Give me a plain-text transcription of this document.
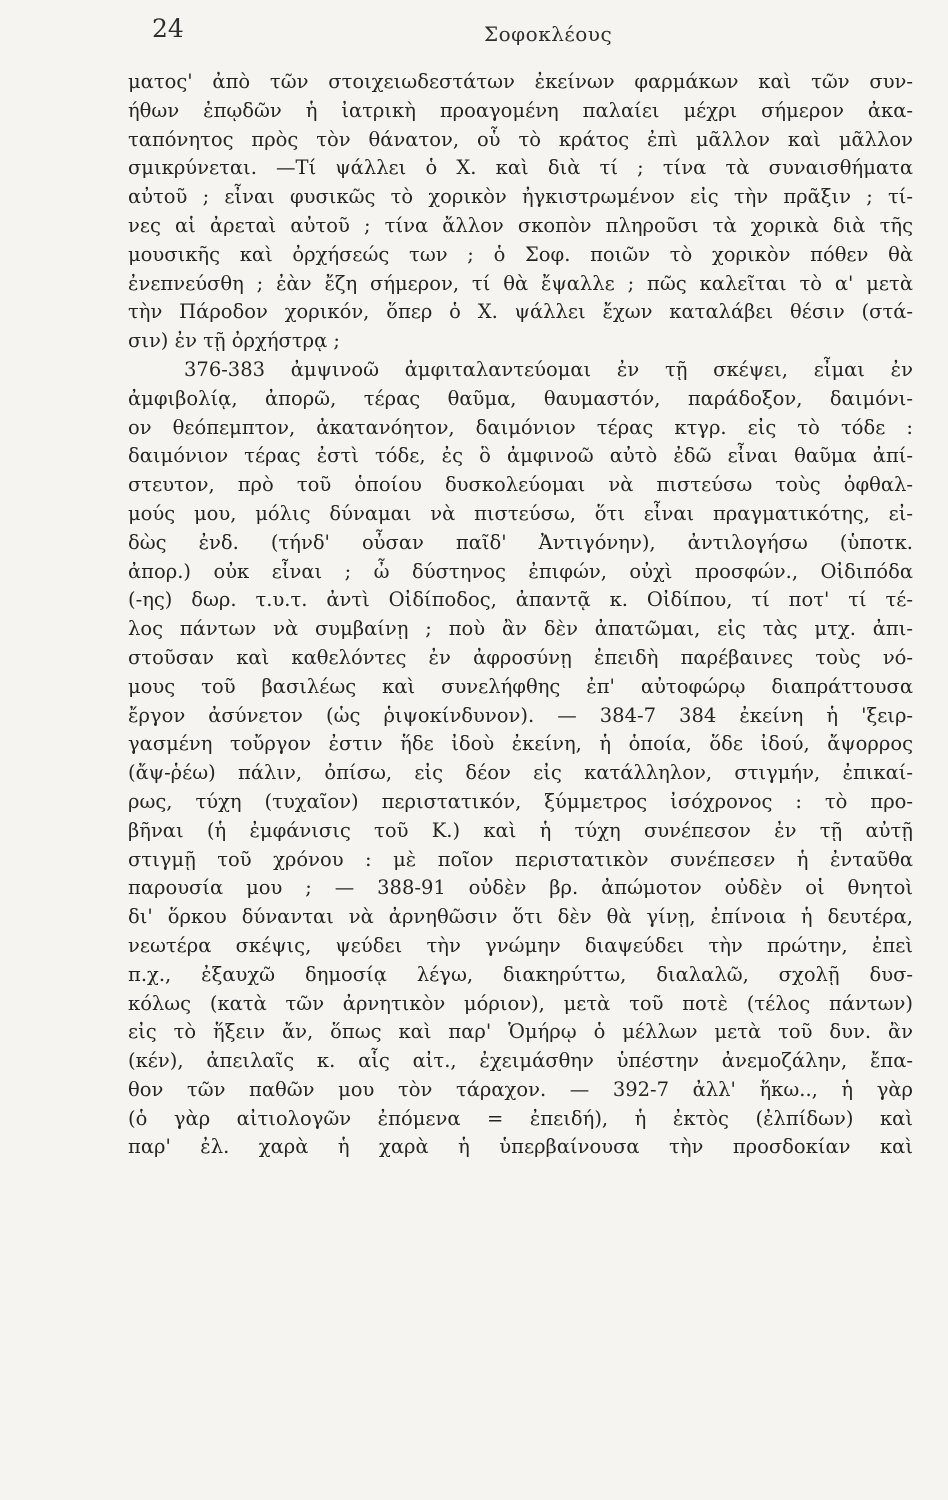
24	Σοφοκλέους
ματος' ἀπὸ τῶν στοιχειωδεστάτων ἐκείνων φαρμάκων καὶ τῶν συν-
ήθων ἐπῳδῶν ἡ ἰατρικὴ προαγομένη παλαίει μέχρι σήμερον ἀκα-
ταπόνητος πρὸς τὸν θάνατον, οὗ τὸ κράτος ἐπὶ μᾶλλον καὶ μᾶλλον
σμικρύνεται. —Τί ψάλλει ὁ Χ. καὶ διὰ τί ; τίνα τὰ συναισθήματα
αὐτοῦ ; εἶναι φυσικῶς τὸ χορικὸν ἠγκιστρωμένον εἰς τὴν πρᾶξιν ; τί-
νες αἱ ἀρεταὶ αὐτοῦ ; τίνα ἄλλον σκοπὸν πληροῦσι τὰ χορικὰ διὰ τῆς
μουσικῆς καὶ ὀρχήσεώς των ; ὁ Σοφ. ποιῶν τὸ χορικὸν πόθεν θὰ
ἐνεπνεύσθη ; ἐὰν ἔζη σήμερον, τί θὰ ἔψαλλε ; πῶς καλεῖται τὸ α' μετὰ
τὴν Πάροδον χορικόν, ὅπερ ὁ Χ. ψάλλει ἔχων καταλάβει θέσιν (στά-
σιν) ἐν τῇ ὀρχήστρᾳ ;
376-383 ἀμψινοῶ ἀμφιταλαντεύομαι ἐν τῇ σκέψει, εἶμαι ἐν
ἀμφιβολίᾳ, ἀπορῶ, τέρας θαῦμα, θαυμαστόν, παράδοξον, δαιμόνι-
ον θεόπεμπτον, ἀκατανόητον, δαιμόνιον τέρας κτγρ. εἰς τὸ τόδε :
δαιμόνιον τέρας ἐστὶ τόδε, ἐς ὃ ἀμφινοῶ αὐτὸ ἐδῶ εἶναι θαῦμα ἀπί-
στευτον, πρὸ τοῦ ὁποίου δυσκολεύομαι νὰ πιστεύσω τοὺς ὀφθαλ-
μούς μου, μόλις δύναμαι νὰ πιστεύσω, ὅτι εἶναι πραγματικότης, εἰ-
δὼς ἐνδ. (τήνδ' οὖσαν παῖδ' Ἀντιγόνην), ἀντιλογήσω (ὑποτκ.
ἀπορ.) οὐκ εἶναι ; ὦ δύστηνος ἐπιφών, οὐχὶ προσφών., Οἰδιπόδα
(-ης) δωρ. τ.υ.τ. ἀντὶ Οἰδίποδος, ἀπαντᾷ κ. Οἰδίπου, τί ποτ' τί τέ-
λος πάντων νὰ συμβαίνῃ ; ποὺ ἂν δὲν ἀπατῶμαι, εἰς τὰς μτχ. ἀπι-
στοῦσαν καὶ καθελόντες ἐν ἀφροσύνῃ ἐπειδὴ παρέβαινες τοὺς νό-
μους τοῦ βασιλέως καὶ συνελήφθης ἐπ' αὐτοφώρῳ διαπράττουσα
ἔργον ἀσύνετον (ὡς ῥιψοκίνδυνον). — 384-7 384 ἐκείνη ἡ 'ξειρ-
γασμένη τοὔργον ἐστιν ἥδε ἰδοὺ ἐκείνη, ἡ ὁποία, ὅδε ἰδού, ἄψορρος
(ἄψ-ῥέω) πάλιν, ὀπίσω, εἰς δέον εἰς κατάλληλον, στιγμήν, ἐπικαί-
ρως, τύχη (τυχαῖον) περιστατικόν, ξύμμετρος ἰσόχρονος : τὸ προ-
βῆναι (ἡ ἐμφάνισις τοῦ Κ.) καὶ ἡ τύχη συνέπεσον ἐν τῇ αὐτῇ
στιγμῇ τοῦ χρόνου : μὲ ποῖον περιστατικὸν συνέπεσεν ἡ ἐνταῦθα
παρουσία μου ; — 388-91 οὐδὲν βρ. ἀπώμοτον οὐδὲν οἱ θνητοὶ
δι' ὅρκου δύνανται νὰ ἀρνηθῶσιν ὅτι δὲν θὰ γίνῃ, ἐπίνοια ἡ δευτέρα,
νεωτέρα σκέψις, ψεύδει τὴν γνώμην διαψεύδει τὴν πρώτην, ἐπεὶ
π.χ., ἐξαυχῶ δημοσίᾳ λέγω, διακηρύττω, διαλαλῶ, σχολῇ δυσ-
κόλως (κατὰ τῶν ἀρνητικὸν μόριον), μετὰ τοῦ ποτὲ (τέλος πάντων)
εἰς τὸ ἥξειν ἄν, ὅπως καὶ παρ' Ὁμήρῳ ὁ μέλλων μετὰ τοῦ δυν. ἂν
(κέν), ἀπειλαῖς κ. αἷς αἰτ., ἐχειμάσθην ὑπέστην ἀνεμοζάλην, ἔπα-
θον τῶν παθῶν μου τὸν τάραχον. — 392-7 ἀλλ' ἥκω.., ἡ γὰρ
(ὁ γὰρ αἰτιολογῶν ἐπόμενα = ἐπειδή), ἡ ἐκτὸς (ἐλπίδων) καὶ
παρ' ἐλ. χαρὰ ἡ χαρὰ ἡ ὑπερβαίνουσα τὴν προσδοκίαν καὶ
